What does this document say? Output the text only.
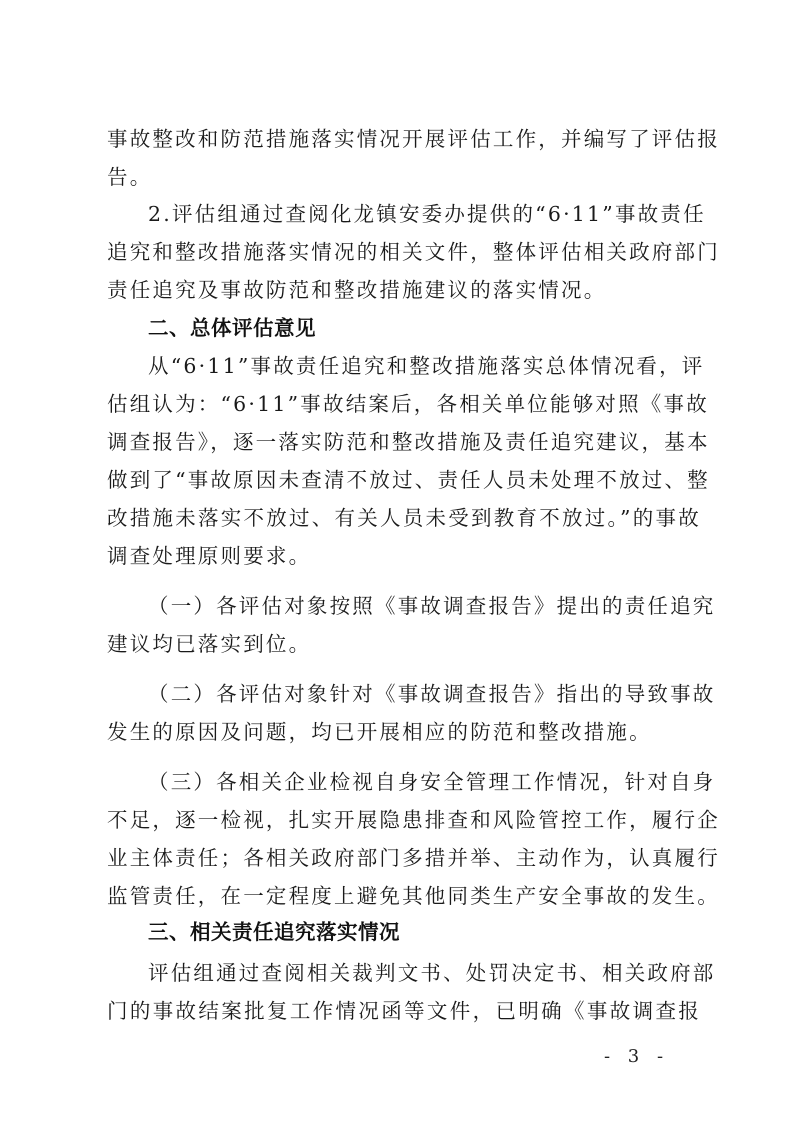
事故整改和防范措施落实情况开展评估工作，并编写了评估报
告。
2.评估组通过查阅化龙镇安委办提供的“6·11”事故责任
追究和整改措施落实情况的相关文件，整体评估相关政府部门
责任追究及事故防范和整改措施建议的落实情况。
二、总体评估意见
从“6·11”事故责任追究和整改措施落实总体情况看，评
估组认为：“6·11”事故结案后，各相关单位能够对照《事故
调查报告》，逐一落实防范和整改措施及责任追究建议，基本
做到了“事故原因未查清不放过、责任人员未处理不放过、整
改措施未落实不放过、有关人员未受到教育不放过。”的事故
调查处理原则要求。
（一）各评估对象按照《事故调查报告》提出的责任追究
建议均已落实到位。
（二）各评估对象针对《事故调查报告》指出的导致事故
发生的原因及问题，均已开展相应的防范和整改措施。
（三）各相关企业检视自身安全管理工作情况，针对自身
不足，逐一检视，扎实开展隐患排查和风险管控工作，履行企
业主体责任；各相关政府部门多措并举、主动作为，认真履行
监管责任，在一定程度上避免其他同类生产安全事故的发生。
三、相关责任追究落实情况
评估组通过查阅相关裁判文书、处罚决定书、相关政府部
门的事故结案批复工作情况函等文件，已明确《事故调查报
- 3 -
